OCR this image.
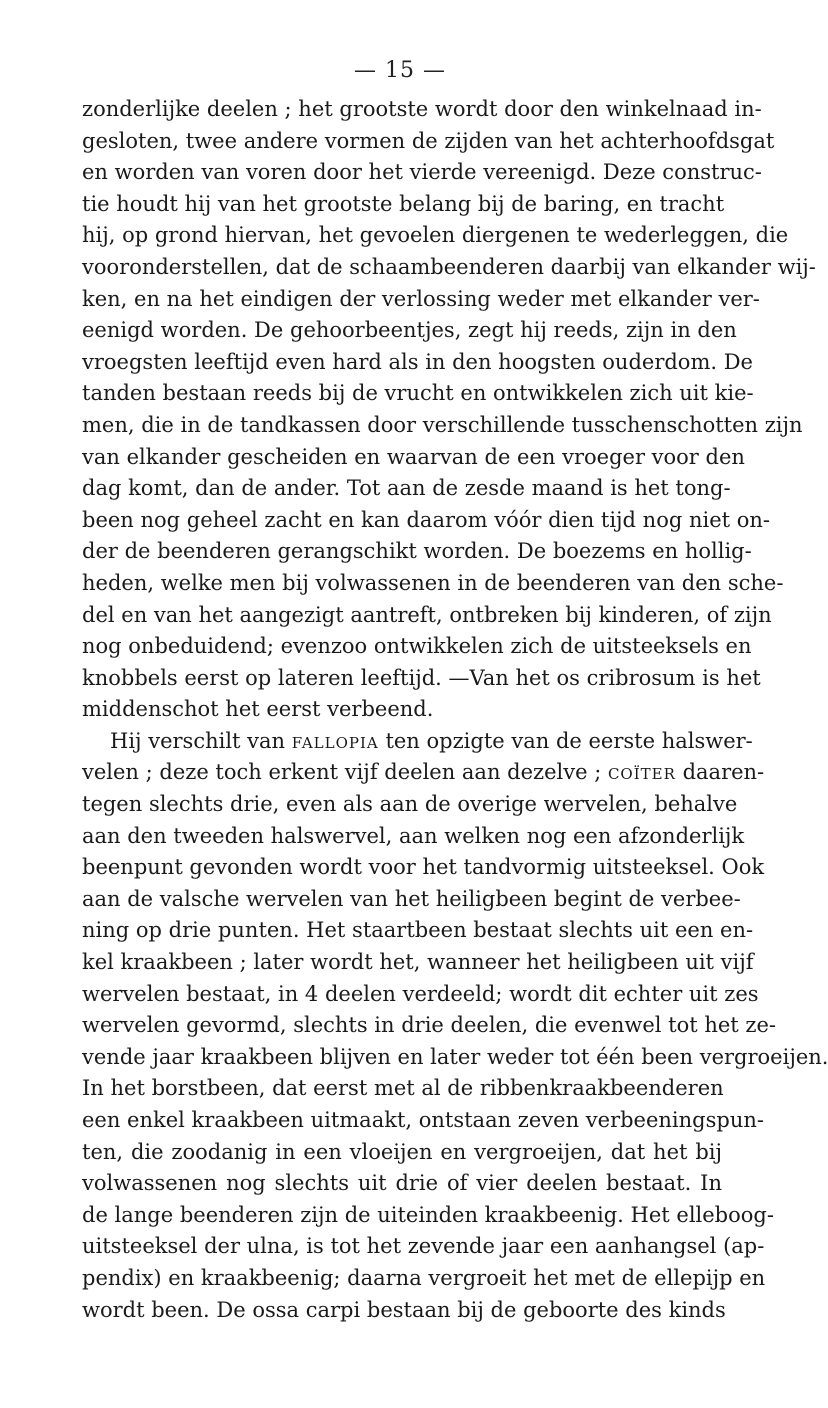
— 15 —
zonderlijke deelen ; het grootste wordt door den winkelnaad in-
gesloten, twee andere vormen de zijden van het achterhoofdsgat
en worden van voren door het vierde vereenigd. Deze construc-
tie houdt hij van het grootste belang bij de baring, en tracht
hij, op grond hiervan, het gevoelen diergenen te wederleggen, die
vooronderstellen, dat de schaambeenderen daarbij van elkander wij-
ken, en na het eindigen der verlossing weder met elkander ver-
eenigd worden. De gehoorbeentjes, zegt hij reeds, zijn in den
vroegsten leeftijd even hard als in den hoogsten ouderdom. De
tanden bestaan reeds bij de vrucht en ontwikkelen zich uit kie-
men, die in de tandkassen door verschillende tusschenschotten zijn
van elkander gescheiden en waarvan de een vroeger voor den
dag komt, dan de ander. Tot aan de zesde maand is het tong-
been nog geheel zacht en kan daarom vóór dien tijd nog niet on-
der de beenderen gerangschikt worden. De boezems en hollig-
heden, welke men bij volwassenen in de beenderen van den sche-
del en van het aangezigt aantreft, ontbreken bij kinderen, of zijn
nog onbeduidend; evenzoo ontwikkelen zich de uitsteeksels en
knobbels eerst op lateren leeftijd. —Van het os cribrosum is het
middenschot het eerst verbeend.
Hij verschilt van fallopia ten opzigte van de eerste halswer-
velen ; deze toch erkent vijf deelen aan dezelve ; coïter daaren-
tegen slechts drie, even als aan de overige wervelen, behalve
aan den tweeden halswervel, aan welken nog een afzonderlijk
beenpunt gevonden wordt voor het tandvormig uitsteeksel. Ook
aan de valsche wervelen van het heiligbeen begint de verbee-
ning op drie punten. Het staartbeen bestaat slechts uit een en-
kel kraakbeen ; later wordt het, wanneer het heiligbeen uit vijf
wervelen bestaat, in 4 deelen verdeeld; wordt dit echter uit zes
wervelen gevormd, slechts in drie deelen, die evenwel tot het ze-
vende jaar kraakbeen blijven en later weder tot één been vergroeijen.
In het borstbeen, dat eerst met al de ribbenkraakbeenderen
een enkel kraakbeen uitmaakt, ontstaan zeven verbeeningspun-
ten, die zoodanig in een vloeijen en vergroeijen, dat het bij
volwassenen nog slechts uit drie of vier deelen bestaat. In
de lange beenderen zijn de uiteinden kraakbeenig. Het elleboog-
uitsteeksel der ulna, is tot het zevende jaar een aanhangsel (ap-
pendix) en kraakbeenig; daarna vergroeit het met de ellepijp en
wordt been. De ossa carpi bestaan bij de geboorte des kinds
